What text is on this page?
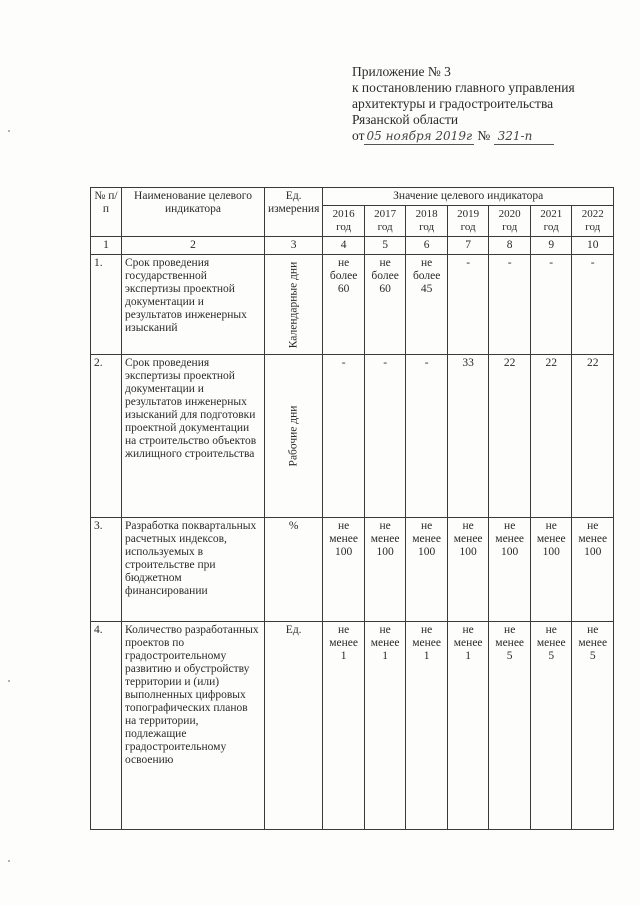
Приложение № 3
к постановлению главного управления
архитектуры и градостроительства
Рязанской области
от 05 ноября 2019г № 321-п
№ п/п	Наименование целевого индикатора	Ед. измерения	Значение целевого индикатора						
			2016 год	2017 год	2018 год	2019 год	2020 год	2021 год	2022 год
1	2	3	4	5	6	7	8	9	10
1.	Срок проведения государственной экспертизы проектной документации и результатов инженерных изысканий	Календарные дни	не более 60	не более 60	не более 45	-	-	-	-
2.	Срок проведения экспертизы проектной документации и результатов инженерных изысканий для подготовки проектной документации на строительство объектов жилищного строительства	Рабочие дни	-	-	-	33	22	22	22
3.	Разработка поквартальных расчетных индексов, используемых в строительстве при бюджетном финансировании	%	не менее 100	не менее 100	не менее 100	не менее 100	не менее 100	не менее 100	не менее 100
4.	Количество разработанных проектов по градостроительному развитию и обустройству территории и (или) выполненных цифровых топографических планов на территории, подлежащие градостроительному освоению	Ед.	не менее 1	не менее 1	не менее 1	не менее 1	не менее 5	не менее 5	не менее 5
